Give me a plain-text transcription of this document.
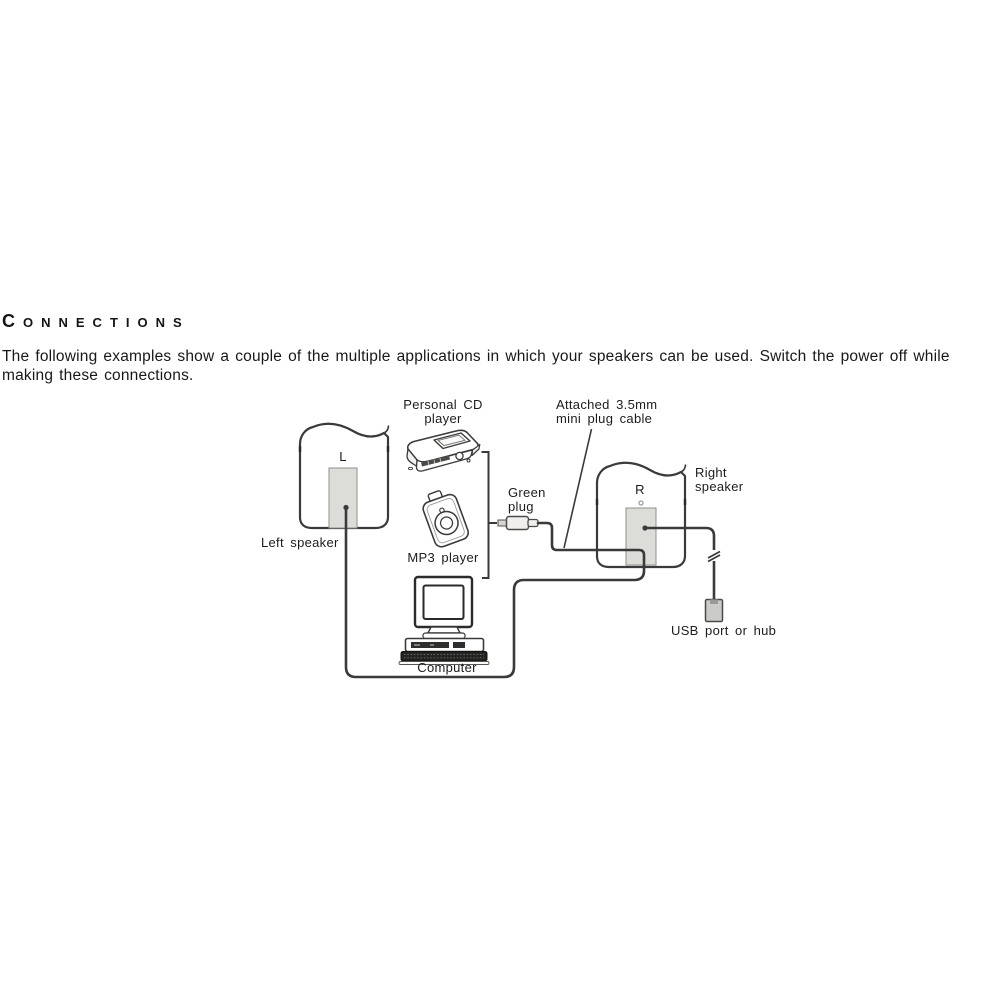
Connections
The following examples show a couple of the multiple applications in which your speakers can be used. Switch the power off while
making these connections.
Personal CD player
Attached 3.5mm mini plug cable
Green plug
Right speaker
Left speaker
MP3 player
Computer
USB port or hub
L
R
